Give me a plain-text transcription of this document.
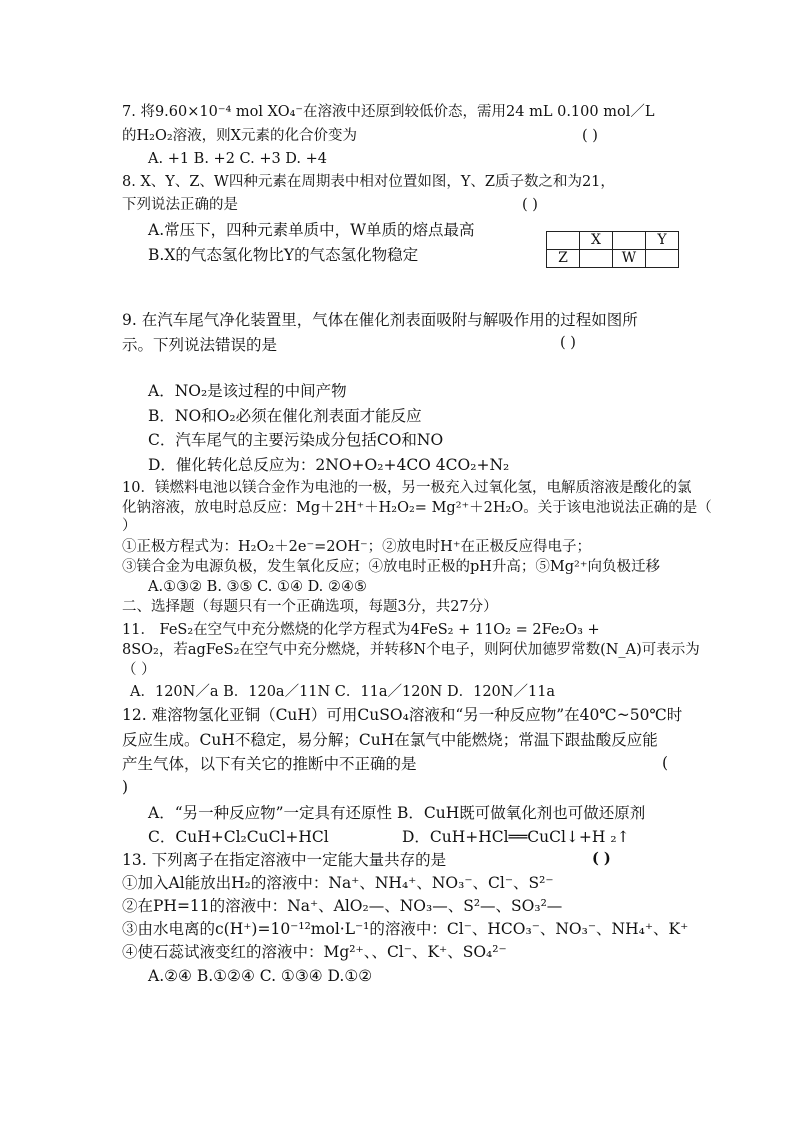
7. 将9.60×10⁻⁴ mol XO₄⁻在溶液中还原到较低价态，需用24 mL 0.100 mol／L
的H₂O₂溶液，则X元素的化合价变为	( )
A. +1 B. +2 C. +3 D. +4
8. X、Y、Z、W四种元素在周期表中相对位置如图，Y、Z质子数之和为21，
下列说法正确的是	( )
A.常压下，四种元素单质中，W单质的熔点最高
B.X的气态氢化物比Y的气态氢化物稳定
	X		Y
Z		W	
9. 在汽车尾气净化装置里，气体在催化剂表面吸附与解吸作用的过程如图所
示。下列说法错误的是	( )
A．NO₂是该过程的中间产物
B．NO和O₂必须在催化剂表面才能反应
C．汽车尾气的主要污染成分包括CO和NO
D．催化转化总反应为：2NO+O₂+4CO 4CO₂+N₂
10．镁燃料电池以镁合金作为电池的一极，另一极充入过氧化氢，电解质溶液是酸化的氯
化钠溶液，放电时总反应：Mg＋2H⁺＋H₂O₂= Mg²⁺＋2H₂O。关于该电池说法正确的是（
）
①正极方程式为：H₂O₂＋2e⁻=2OH⁻；②放电时H⁺在正极反应得电子；
③镁合金为电源负极，发生氧化反应；④放电时正极的pH升高；⑤Mg²⁺向负极迁移
A.①③② B. ③⑤ C. ①④ D. ②④⑤
二、选择题（每题只有一个正确选项，每题3分，共27分）
11． FeS₂在空气中充分燃烧的化学方程式为4FeS₂ + 11O₂ = 2Fe₂O₃ +
8SO₂，若agFeS₂在空气中充分燃烧，并转移N个电子，则阿伏加德罗常数(N_A)可表示为
（ ）
A．120N／a B．120a／11N C．11a／120N D．120N／11a
12. 难溶物氢化亚铜（CuH）可用CuSO₄溶液和“另一种反应物”在40℃~50℃时
反应生成。CuH不稳定，易分解；CuH在氯气中能燃烧；常温下跟盐酸反应能
产生气体，以下有关它的推断中不正确的是	(
)
A．“另一种反应物”一定具有还原性 B．CuH既可做氧化剂也可做还原剂
C．CuH+Cl₂CuCl+HCl	D．CuH+HCl══CuCl↓+H ₂↑
13. 下列离子在指定溶液中一定能大量共存的是	( )
①加入Al能放出H₂的溶液中：Na⁺、NH₄⁺、NO₃⁻、Cl⁻、S²⁻
②在PH=11的溶液中：Na⁺、AlO₂—、NO₃—、S²—、SO₃²—
③由水电离的c(H⁺)=10⁻¹²mol·L⁻¹的溶液中：Cl⁻、HCO₃⁻、NO₃⁻、NH₄⁺、K⁺
④使石蕊试液变红的溶液中：Mg²⁺、、Cl⁻、K⁺、SO₄²⁻
A.②④ B.①②④ C. ①③④ D.①②
